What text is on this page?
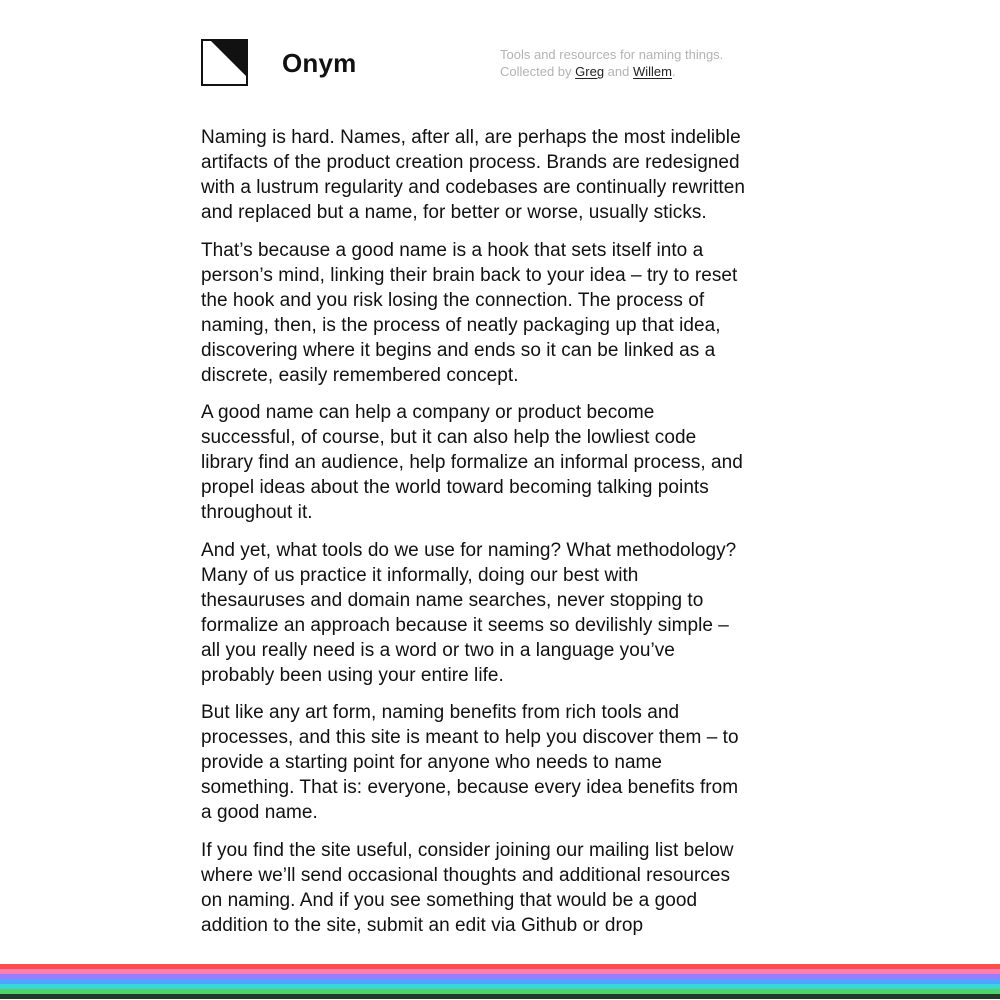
Onym	Tools and resources for naming things.
Collected by Greg and Willem.

Naming is hard. Names, after all, are perhaps the most indelible artifacts of the product creation process. Brands are redesigned with a lustrum regularity and codebases are continually rewritten and replaced but a name, for better or worse, usually sticks.

That’s because a good name is a hook that sets itself into a person’s mind, linking their brain back to your idea – try to reset the hook and you risk losing the connection. The process of naming, then, is the process of neatly packaging up that idea, discovering where it begins and ends so it can be linked as a discrete, easily remembered concept.

A good name can help a company or product become successful, of course, but it can also help the lowliest code library find an audience, help formalize an informal process, and propel ideas about the world toward becoming talking points throughout it.

And yet, what tools do we use for naming? What methodology? Many of us practice it informally, doing our best with thesauruses and domain name searches, never stopping to formalize an approach because it seems so devilishly simple – all you really need is a word or two in a language you’ve probably been using your entire life.

But like any art form, naming benefits from rich tools and processes, and this site is meant to help you discover them – to provide a starting point for anyone who needs to name something. That is: everyone, because every idea benefits from a good name.

If you find the site useful, consider joining our mailing list below where we’ll send occasional thoughts and additional resources on naming. And if you see something that would be a good addition to the site, submit an edit via Github or drop
